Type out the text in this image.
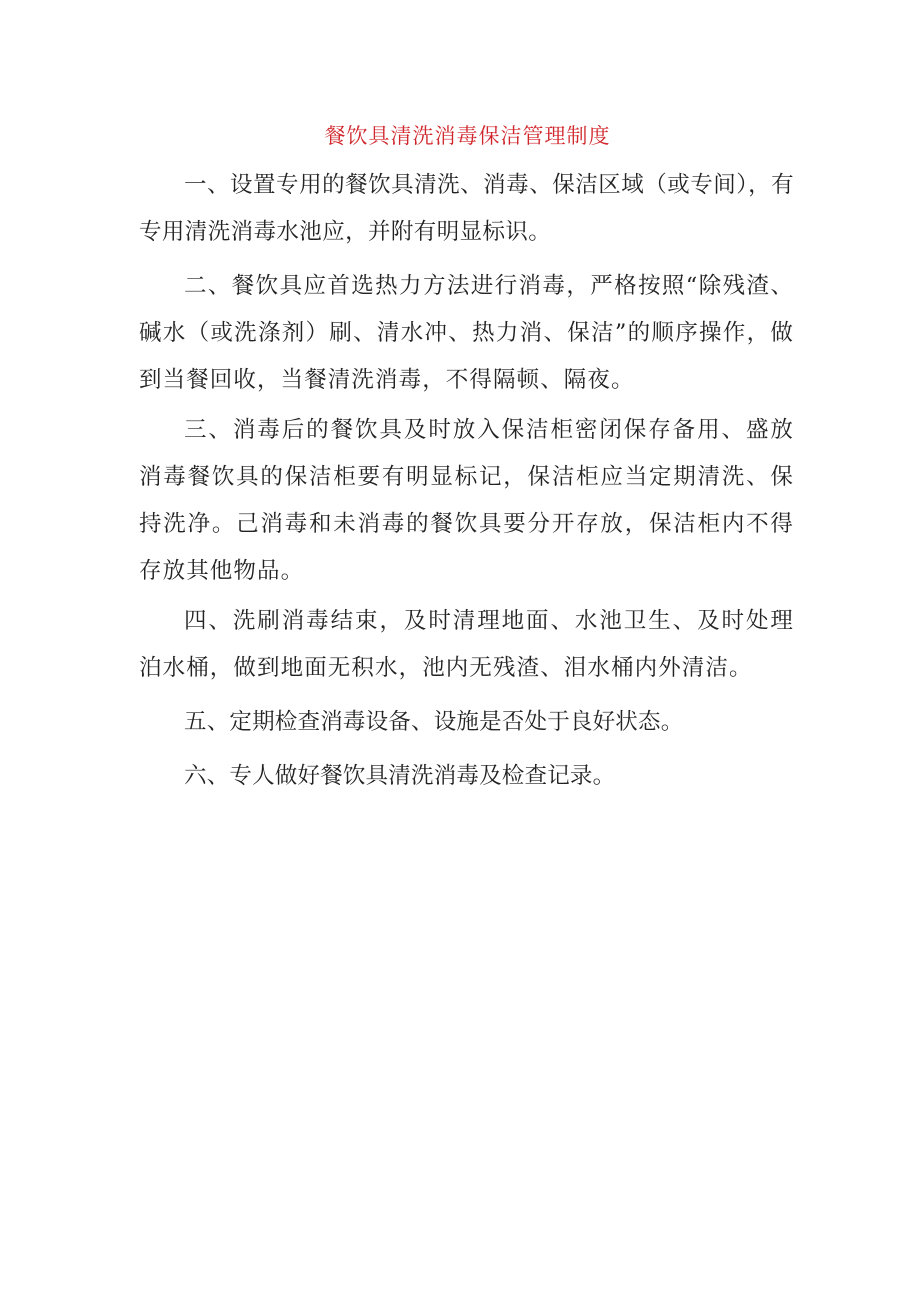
餐饮具清洗消毒保洁管理制度

一、设置专用的餐饮具清洗、消毒、保洁区域（或专间），有专用清洗消毒水池应，并附有明显标识。

二、餐饮具应首选热力方法进行消毒，严格按照“除残渣、碱水（或洗涤剂）刷、清水冲、热力消、保洁”的顺序操作，做到当餐回收，当餐清洗消毒，不得隔顿、隔夜。

三、消毒后的餐饮具及时放入保洁柜密闭保存备用、盛放消毒餐饮具的保洁柜要有明显标记，保洁柜应当定期清洗、保持洗净。己消毒和未消毒的餐饮具要分开存放，保洁柜内不得存放其他物品。

四、洗刷消毒结束，及时清理地面、水池卫生、及时处理泊水桶，做到地面无积水，池内无残渣、泪水桶内外清洁。

五、定期检查消毒设备、设施是否处于良好状态。

六、专人做好餐饮具清洗消毒及检查记录。
